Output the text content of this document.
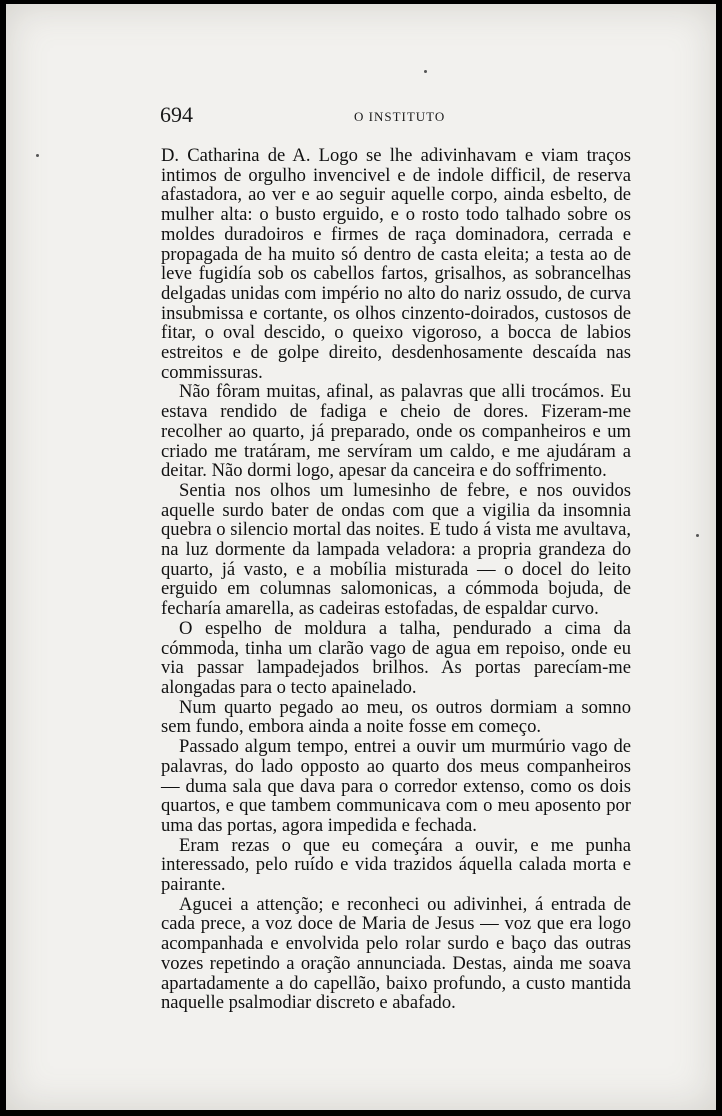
694	O INSTITUTO

D. Catharina de A. Logo se lhe adivinhavam e viam traços intimos de orgulho invencivel e de indole difficil, de reserva afastadora, ao ver e ao seguir aquelle corpo, ainda esbelto, de mulher alta: o busto erguido, e o rosto todo talhado sobre os moldes duradoiros e firmes de raça dominadora, cerrada e propagada de ha muito só dentro de casta eleita; a testa ao de leve fugidía sob os cabellos fartos, grisalhos, as sobrancelhas delgadas unidas com império no alto do nariz ossudo, de curva insubmissa e cortante, os olhos cinzento-doirados, custosos de fitar, o oval descido, o queixo vigoroso, a bocca de labios estreitos e de golpe direito, desdenhosamente descaída nas commissuras.

Não fôram muitas, afinal, as palavras que alli trocámos. Eu estava rendido de fadiga e cheio de dores. Fizeram-me recolher ao quarto, já preparado, onde os companheiros e um criado me tratáram, me servíram um caldo, e me ajudáram a deitar. Não dormi logo, apesar da canceira e do soffrimento.

Sentia nos olhos um lumesinho de febre, e nos ouvidos aquelle surdo bater de ondas com que a vigilia da insomnia quebra o silencio mortal das noites. E tudo á vista me avultava, na luz dormente da lampada veladora: a propria grandeza do quarto, já vasto, e a mobília misturada — o docel do leito erguido em columnas salomonicas, a cómmoda bojuda, de fecharía amarella, as cadeiras estofadas, de espaldar curvo.

O espelho de moldura a talha, pendurado a cima da cómmoda, tinha um clarão vago de agua em repoiso, onde eu via passar lampadejados brilhos. As portas parecíam-me alongadas para o tecto apainelado.

Num quarto pegado ao meu, os outros dormiam a somno sem fundo, embora ainda a noite fosse em começo.

Passado algum tempo, entrei a ouvir um murmúrio vago de palavras, do lado opposto ao quarto dos meus companheiros — duma sala que dava para o corredor extenso, como os dois quartos, e que tambem communicava com o meu aposento por uma das portas, agora impedida e fechada.

Eram rezas o que eu começára a ouvir, e me punha interessado, pelo ruído e vida trazidos áquella calada morta e pairante.

Agucei a attenção; e reconheci ou adivinhei, á entrada de cada prece, a voz doce de Maria de Jesus — voz que era logo acompanhada e envolvida pelo rolar surdo e baço das outras vozes repetindo a oração annunciada. Destas, ainda me soava apartadamente a do capellão, baixo profundo, a custo mantida naquelle psalmodiar discreto e abafado.
